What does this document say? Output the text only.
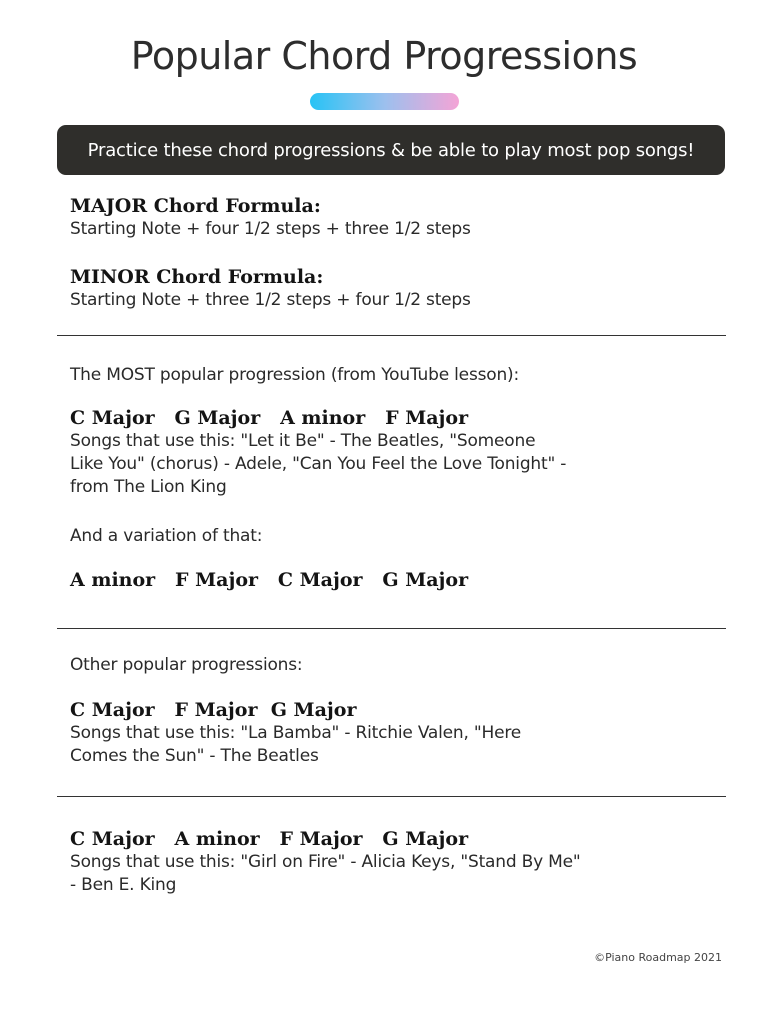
Popular Chord Progressions
Practice these chord progressions & be able to play most pop songs!
MAJOR Chord Formula:
Starting Note + four 1/2 steps + three 1/2 steps
MINOR Chord Formula:
Starting Note + three 1/2 steps + four 1/2 steps
The MOST popular progression (from YouTube lesson):
C Major   G Major   A minor   F Major
Songs that use this: "Let it Be" - The Beatles, "Someone Like You" (chorus) - Adele, "Can You Feel the Love Tonight" - from The Lion King
And a variation of that:
A minor   F Major   C Major   G Major
Other popular progressions:
C Major   F Major  G Major
Songs that use this: "La Bamba" - Ritchie Valen, "Here Comes the Sun" - The Beatles
C Major   A minor   F Major   G Major
Songs that use this: "Girl on Fire" - Alicia Keys, "Stand By Me" - Ben E. King
©Piano Roadmap 2021
